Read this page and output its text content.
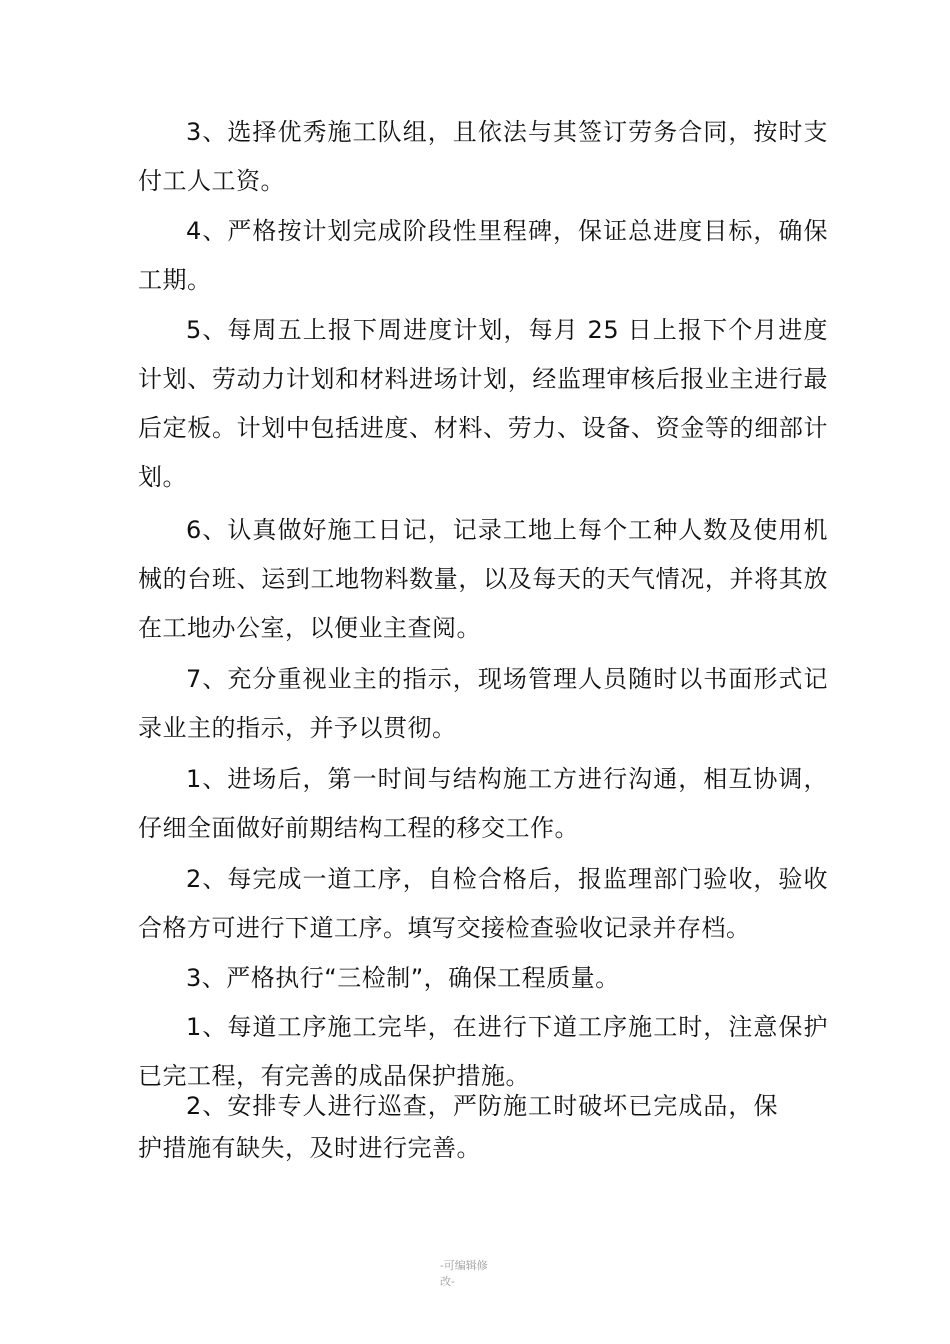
3、选择优秀施工队组，且依法与其签订劳务合同，按时支付工人工资。

4、严格按计划完成阶段性里程碑，保证总进度目标，确保工期。

5、每周五上报下周进度计划，每月 25 日上报下个月进度计划、劳动力计划和材料进场计划，经监理审核后报业主进行最后定板。计划中包括进度、材料、劳力、设备、资金等的细部计划。

6、认真做好施工日记，记录工地上每个工种人数及使用机械的台班、运到工地物料数量，以及每天的天气情况，并将其放在工地办公室，以便业主查阅。

7、充分重视业主的指示，现场管理人员随时以书面形式记录业主的指示，并予以贯彻。

1、进场后，第一时间与结构施工方进行沟通，相互协调，仔细全面做好前期结构工程的移交工作。

2、每完成一道工序，自检合格后，报监理部门验收，验收合格方可进行下道工序。填写交接检查验收记录并存档。

3、严格执行“三检制”，确保工程质量。

1、每道工序施工完毕，在进行下道工序施工时，注意保护已完工程，有完善的成品保护措施。

2、安排专人进行巡查，严防施工时破坏已完成品，保护措施有缺失，及时进行完善。

-可编辑修改-
